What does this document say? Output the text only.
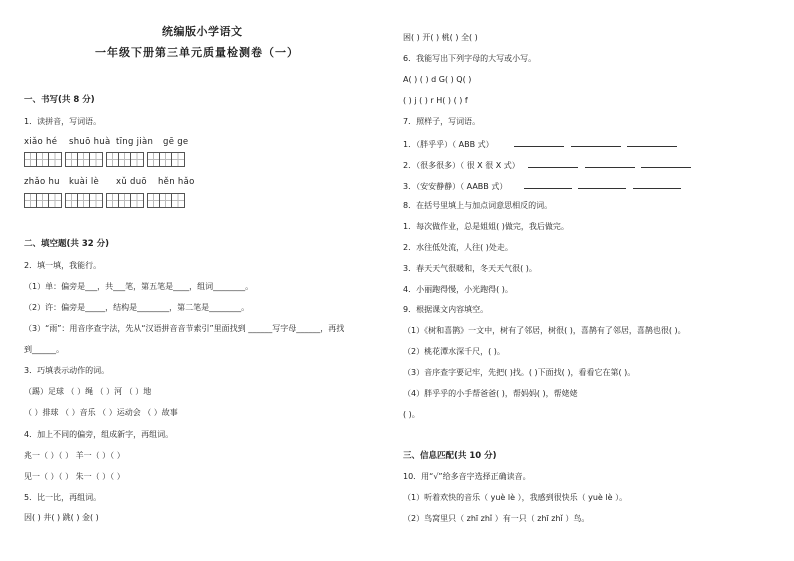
统编版小学语文
一年级下册第三单元质量检测卷（一）
一、书写(共 8 分)
1．读拼音，写词语。
xiǎo hé shuō huà tīng jiàn gē ge
zhǎo hu kuài lè xǔ duō hěn hǎo
二、填空题(共 32 分)
2．填一填，我能行。
（1）单：偏旁是___，共___笔，第五笔是____，组词________。
（2）许：偏旁是_____，结构是________，第二笔是________。
（3）“雨”：用音序查字法，先从“汉语拼音音节索引”里面找到 ______写字母______，再找
到______。
3．巧填表示动作的词。
（踢）足球 （ ）绳 （ ）河 （ ）地
（ ）排球 （ ）音乐 （ ）运动会 （ ）故事
4．加上不同的偏旁，组成新字，再组词。
兆一（ ）（ ） 羊一（ ）（ ）
见一（ ）（ ） 朱一（ ）（ ）
5．比一比，再组词。
因( ) 井( ) 跳( ) 金( )
困( ) 开( ) 桃( ) 全( )
6．我能写出下列字母的大写或小写。
A( ) ( ) d G( ) Q( )
( ) j ( ) r H( ) ( ) f
7．照样子，写词语。
1．（胖乎乎）（ ABB 式）
2．（很多很多）（ 很 X 很 X 式）
3．（安安静静）（ AABB 式）
8．在括号里填上与加点词意思相反的词。
1．每次做作业，总是姐姐( )做完，我后做完。
2．水往低处流，人往( )处走。
3．春天天气很暖和，冬天天气很( )。
4．小丽跑得慢，小光跑得( )。
9．根据课文内容填空。
（1）《树和喜鹊》一文中，树有了邻居，树很( )，喜鹊有了邻居，喜鹊也很( )。
（2）桃花潭水深千尺，( )。
（3）音序查字要记牢，先把( )找。( )下面找( )，看看它在第( )。
（4）胖乎乎的小手帮爸爸( )，帮妈妈( )，帮姥姥
( )。
三、信息匹配(共 10 分)
10．用“√”给多音字选择正确读音。
（1）听着欢快的音乐（ yuè lè ），我感到很快乐（ yuè lè ）。
（2）鸟窝里只（ zhī zhǐ ）有一只（ zhī zhǐ ）鸟。
